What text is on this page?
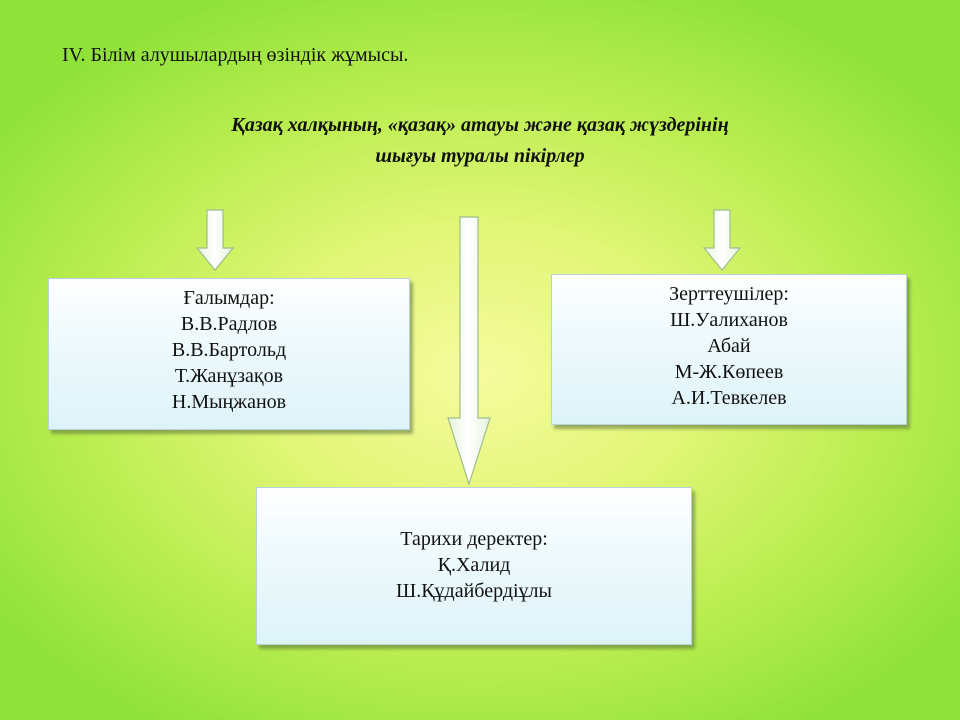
IV. Білім алушылардың өзіндік жұмысы.

Қазақ халқының, «қазақ» атауы және қазақ жүздерінің
шығуы туралы пікірлер
Ғалымдар:
В.В.Радлов
В.В.Бартольд
Т.Жанұзақов
Н.Мыңжанов
Зерттеушілер:
Ш.Уалиханов
Абай
М-Ж.Көпеев
А.И.Тевкелев
Тарихи деректер:
Қ.Халид
Ш.Құдайбердіұлы
